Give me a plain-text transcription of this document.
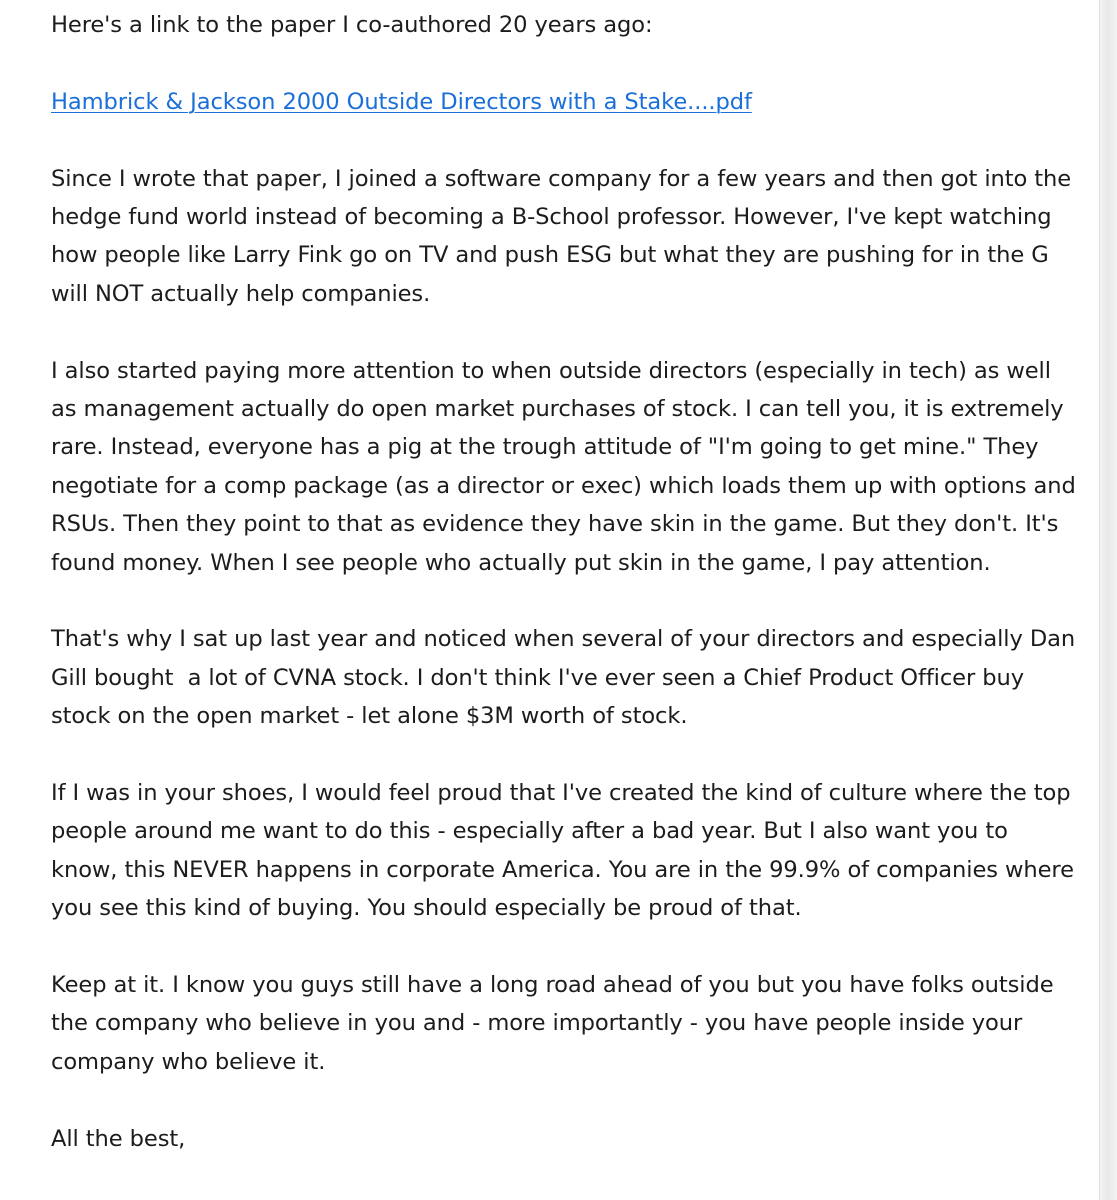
Here's a link to the paper I co-authored 20 years ago:

Hambrick & Jackson 2000 Outside Directors with a Stake....pdf

Since I wrote that paper, I joined a software company for a few years and then got into the hedge fund world instead of becoming a B-School professor. However, I've kept watching how people like Larry Fink go on TV and push ESG but what they are pushing for in the G will NOT actually help companies.

I also started paying more attention to when outside directors (especially in tech) as well as management actually do open market purchases of stock. I can tell you, it is extremely rare. Instead, everyone has a pig at the trough attitude of "I'm going to get mine." They negotiate for a comp package (as a director or exec) which loads them up with options and RSUs. Then they point to that as evidence they have skin in the game. But they don't. It's found money. When I see people who actually put skin in the game, I pay attention.

That's why I sat up last year and noticed when several of your directors and especially Dan Gill bought  a lot of CVNA stock. I don't think I've ever seen a Chief Product Officer buy stock on the open market - let alone $3M worth of stock.

If I was in your shoes, I would feel proud that I've created the kind of culture where the top people around me want to do this - especially after a bad year. But I also want you to know, this NEVER happens in corporate America. You are in the 99.9% of companies where you see this kind of buying. You should especially be proud of that.

Keep at it. I know you guys still have a long road ahead of you but you have folks outside the company who believe in you and - more importantly - you have people inside your company who believe it.

All the best,
